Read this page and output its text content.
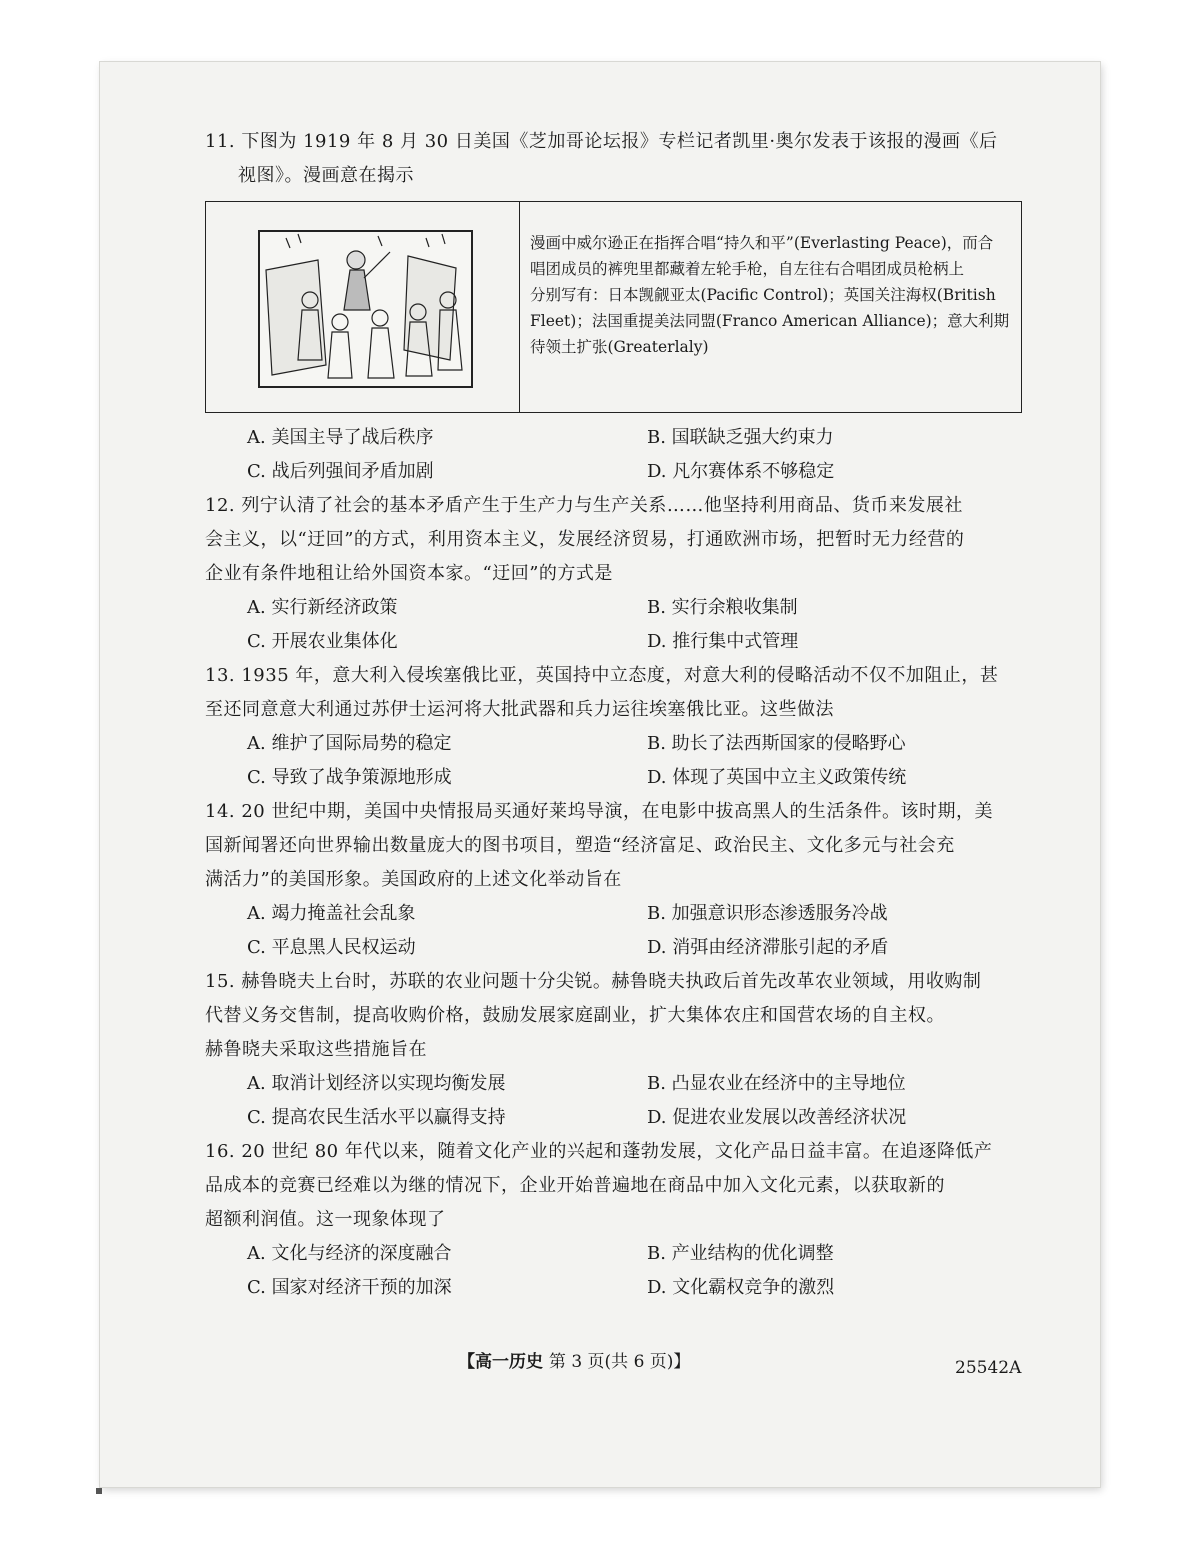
11. 下图为 1919 年 8 月 30 日美国《芝加哥论坛报》专栏记者凯里·奥尔发表于该报的漫画《后
视图》。漫画意在揭示
漫画中威尔逊正在指挥合唱“持久和平”(Everlasting Peace)，而合
唱团成员的裤兜里都藏着左轮手枪，自左往右合唱团成员枪柄上
分别写有：日本觊觎亚太(Pacific Control)；英国关注海权(British
Fleet)；法国重提美法同盟(Franco American Alliance)；意大利期
待领土扩张(Greaterlaly)
A. 美国主导了战后秩序	B. 国联缺乏强大约束力
C. 战后列强间矛盾加剧	D. 凡尔赛体系不够稳定
12. 列宁认清了社会的基本矛盾产生于生产力与生产关系……他坚持利用商品、货币来发展社
会主义，以“迂回”的方式，利用资本主义，发展经济贸易，打通欧洲市场，把暂时无力经营的
企业有条件地租让给外国资本家。“迂回”的方式是
A. 实行新经济政策	B. 实行余粮收集制
C. 开展农业集体化	D. 推行集中式管理
13. 1935 年，意大利入侵埃塞俄比亚，英国持中立态度，对意大利的侵略活动不仅不加阻止，甚
至还同意意大利通过苏伊士运河将大批武器和兵力运往埃塞俄比亚。这些做法
A. 维护了国际局势的稳定	B. 助长了法西斯国家的侵略野心
C. 导致了战争策源地形成	D. 体现了英国中立主义政策传统
14. 20 世纪中期，美国中央情报局买通好莱坞导演，在电影中拔高黑人的生活条件。该时期，美
国新闻署还向世界输出数量庞大的图书项目，塑造“经济富足、政治民主、文化多元与社会充
满活力”的美国形象。美国政府的上述文化举动旨在
A. 竭力掩盖社会乱象	B. 加强意识形态渗透服务冷战
C. 平息黑人民权运动	D. 消弭由经济滞胀引起的矛盾
15. 赫鲁晓夫上台时，苏联的农业问题十分尖锐。赫鲁晓夫执政后首先改革农业领域，用收购制
代替义务交售制，提高收购价格，鼓励发展家庭副业，扩大集体农庄和国营农场的自主权。
赫鲁晓夫采取这些措施旨在
A. 取消计划经济以实现均衡发展	B. 凸显农业在经济中的主导地位
C. 提高农民生活水平以赢得支持	D. 促进农业发展以改善经济状况
16. 20 世纪 80 年代以来，随着文化产业的兴起和蓬勃发展，文化产品日益丰富。在追逐降低产
品成本的竞赛已经难以为继的情况下，企业开始普遍地在商品中加入文化元素，以获取新的
超额利润值。这一现象体现了
A. 文化与经济的深度融合	B. 产业结构的优化调整
C. 国家对经济干预的加深	D. 文化霸权竞争的激烈
【高一历史 第 3 页(共 6 页)】	25542A
